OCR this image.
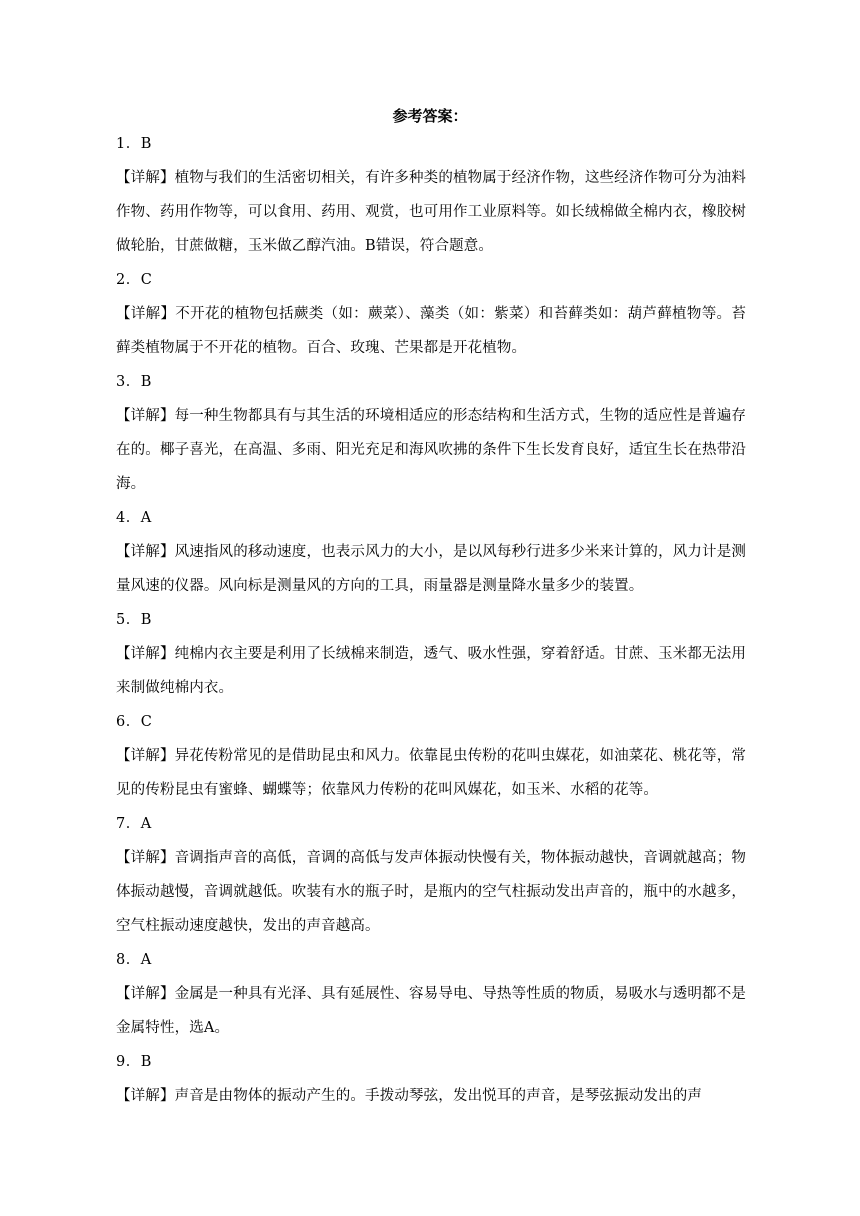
参考答案：

1．B

【详解】植物与我们的生活密切相关，有许多种类的植物属于经济作物，这些经济作物可分为油料作物、药用作物等，可以食用、药用、观赏，也可用作工业原料等。如长绒棉做全棉内衣，橡胶树做轮胎，甘蔗做糖，玉米做乙醇汽油。B错误，符合题意。

2．C

【详解】不开花的植物包括蕨类（如：蕨菜）、藻类（如：紫菜）和苔藓类如：葫芦藓植物等。苔藓类植物属于不开花的植物。百合、玫瑰、芒果都是开花植物。

3．B

【详解】每一种生物都具有与其生活的环境相适应的形态结构和生活方式，生物的适应性是普遍存在的。椰子喜光，在高温、多雨、阳光充足和海风吹拂的条件下生长发育良好，适宜生长在热带沿海。

4．A

【详解】风速指风的移动速度，也表示风力的大小，是以风每秒行进多少米来计算的，风力计是测量风速的仪器。风向标是测量风的方向的工具，雨量器是测量降水量多少的装置。

5．B

【详解】纯棉内衣主要是利用了长绒棉来制造，透气、吸水性强，穿着舒适。甘蔗、玉米都无法用来制做纯棉内衣。

6．C

【详解】异花传粉常见的是借助昆虫和风力。依靠昆虫传粉的花叫虫媒花，如油菜花、桃花等，常见的传粉昆虫有蜜蜂、蝴蝶等；依靠风力传粉的花叫风媒花，如玉米、水稻的花等。

7．A

【详解】音调指声音的高低，音调的高低与发声体振动快慢有关，物体振动越快，音调就越高；物体振动越慢，音调就越低。吹装有水的瓶子时，是瓶内的空气柱振动发出声音的，瓶中的水越多，空气柱振动速度越快，发出的声音越高。

8．A

【详解】金属是一种具有光泽、具有延展性、容易导电、导热等性质的物质，易吸水与透明都不是金属特性，选A。

9．B

【详解】声音是由物体的振动产生的。手拨动琴弦，发出悦耳的声音，是琴弦振动发出的声
